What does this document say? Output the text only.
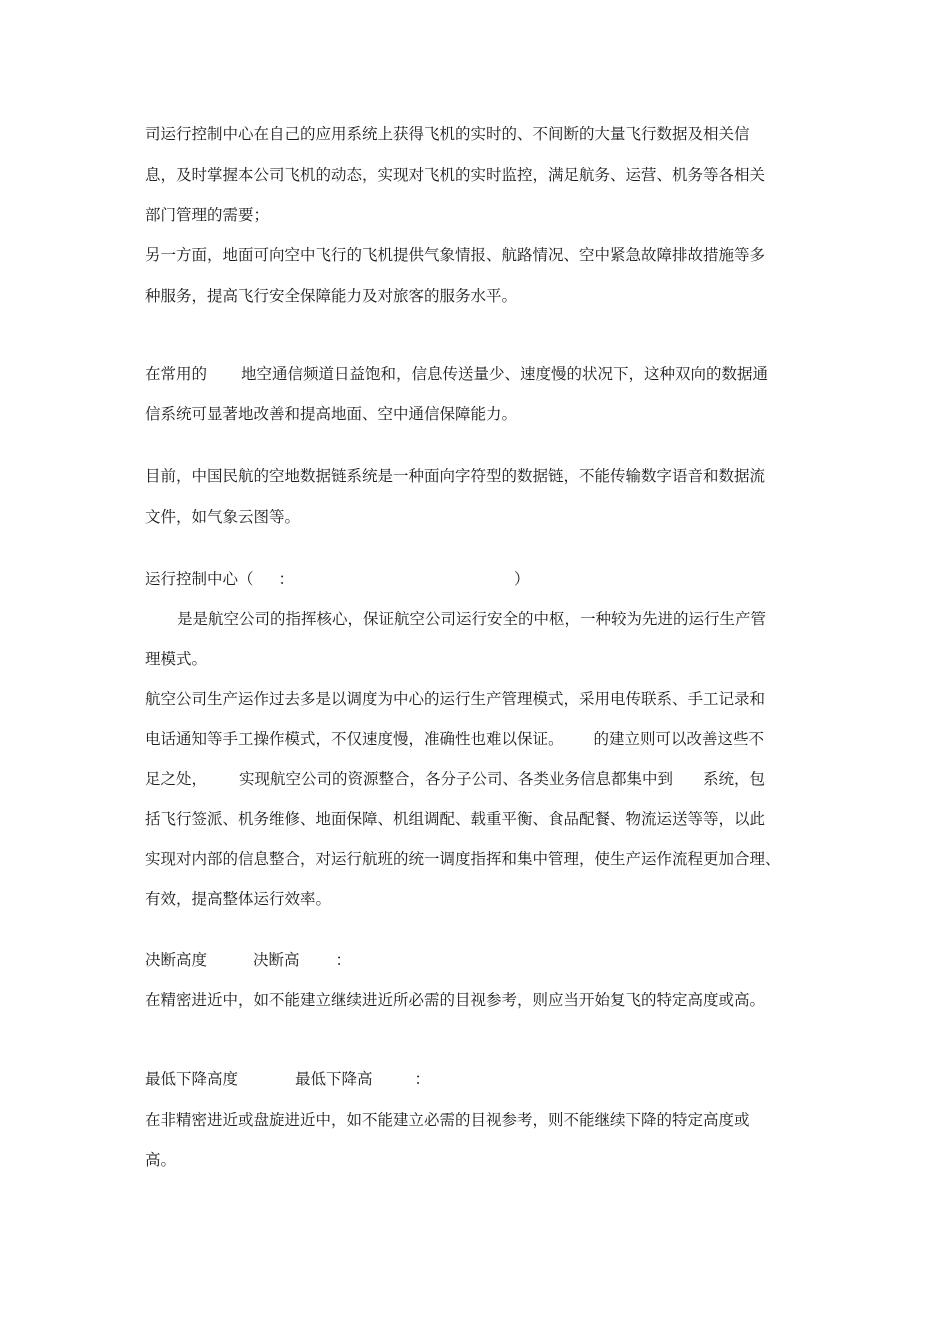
司运行控制中心在自己的应用系统上获得飞机的实时的、不间断的大量飞行数据及相关信
息，及时掌握本公司飞机的动态，实现对飞机的实时监控，满足航务、运营、机务等各相关
部门管理的需要；
另一方面，地面可向空中飞行的飞机提供气象情报、航路情况、空中紧急故障排故措施等多
种服务，提高飞行安全保障能力及对旅客的服务水平。
在常用的 地空通信频道日益饱和，信息传送量少、速度慢的状况下，这种双向的数据通
信系统可显著地改善和提高地面、空中通信保障能力。
目前，中国民航的空地数据链系统是一种面向字符型的数据链，不能传输数字语音和数据流
文件，如气象云图等。
运行控制中心（ ：	）
是是航空公司的指挥核心，保证航空公司运行安全的中枢，一种较为先进的运行生产管
理模式。
航空公司生产运作过去多是以调度为中心的运行生产管理模式，采用电传联系、手工记录和
电话通知等手工操作模式，不仅速度慢，准确性也难以保证。 的建立则可以改善这些不
足之处， 实现航空公司的资源整合，各分子公司、各类业务信息都集中到 系统，包
括飞行签派、机务维修、地面保障、机组调配、载重平衡、食品配餐、物流运送等等，以此
实现对内部的信息整合，对运行航班的统一调度指挥和集中管理，使生产运作流程更加合理、
有效，提高整体运行效率。
决断高度	决断高 ：
在精密进近中，如不能建立继续进近所必需的目视参考，则应当开始复飞的特定高度或高。
最低下降高度	最低下降高	：
在非精密进近或盘旋进近中，如不能建立必需的目视参考，则不能继续下降的特定高度或
高。
